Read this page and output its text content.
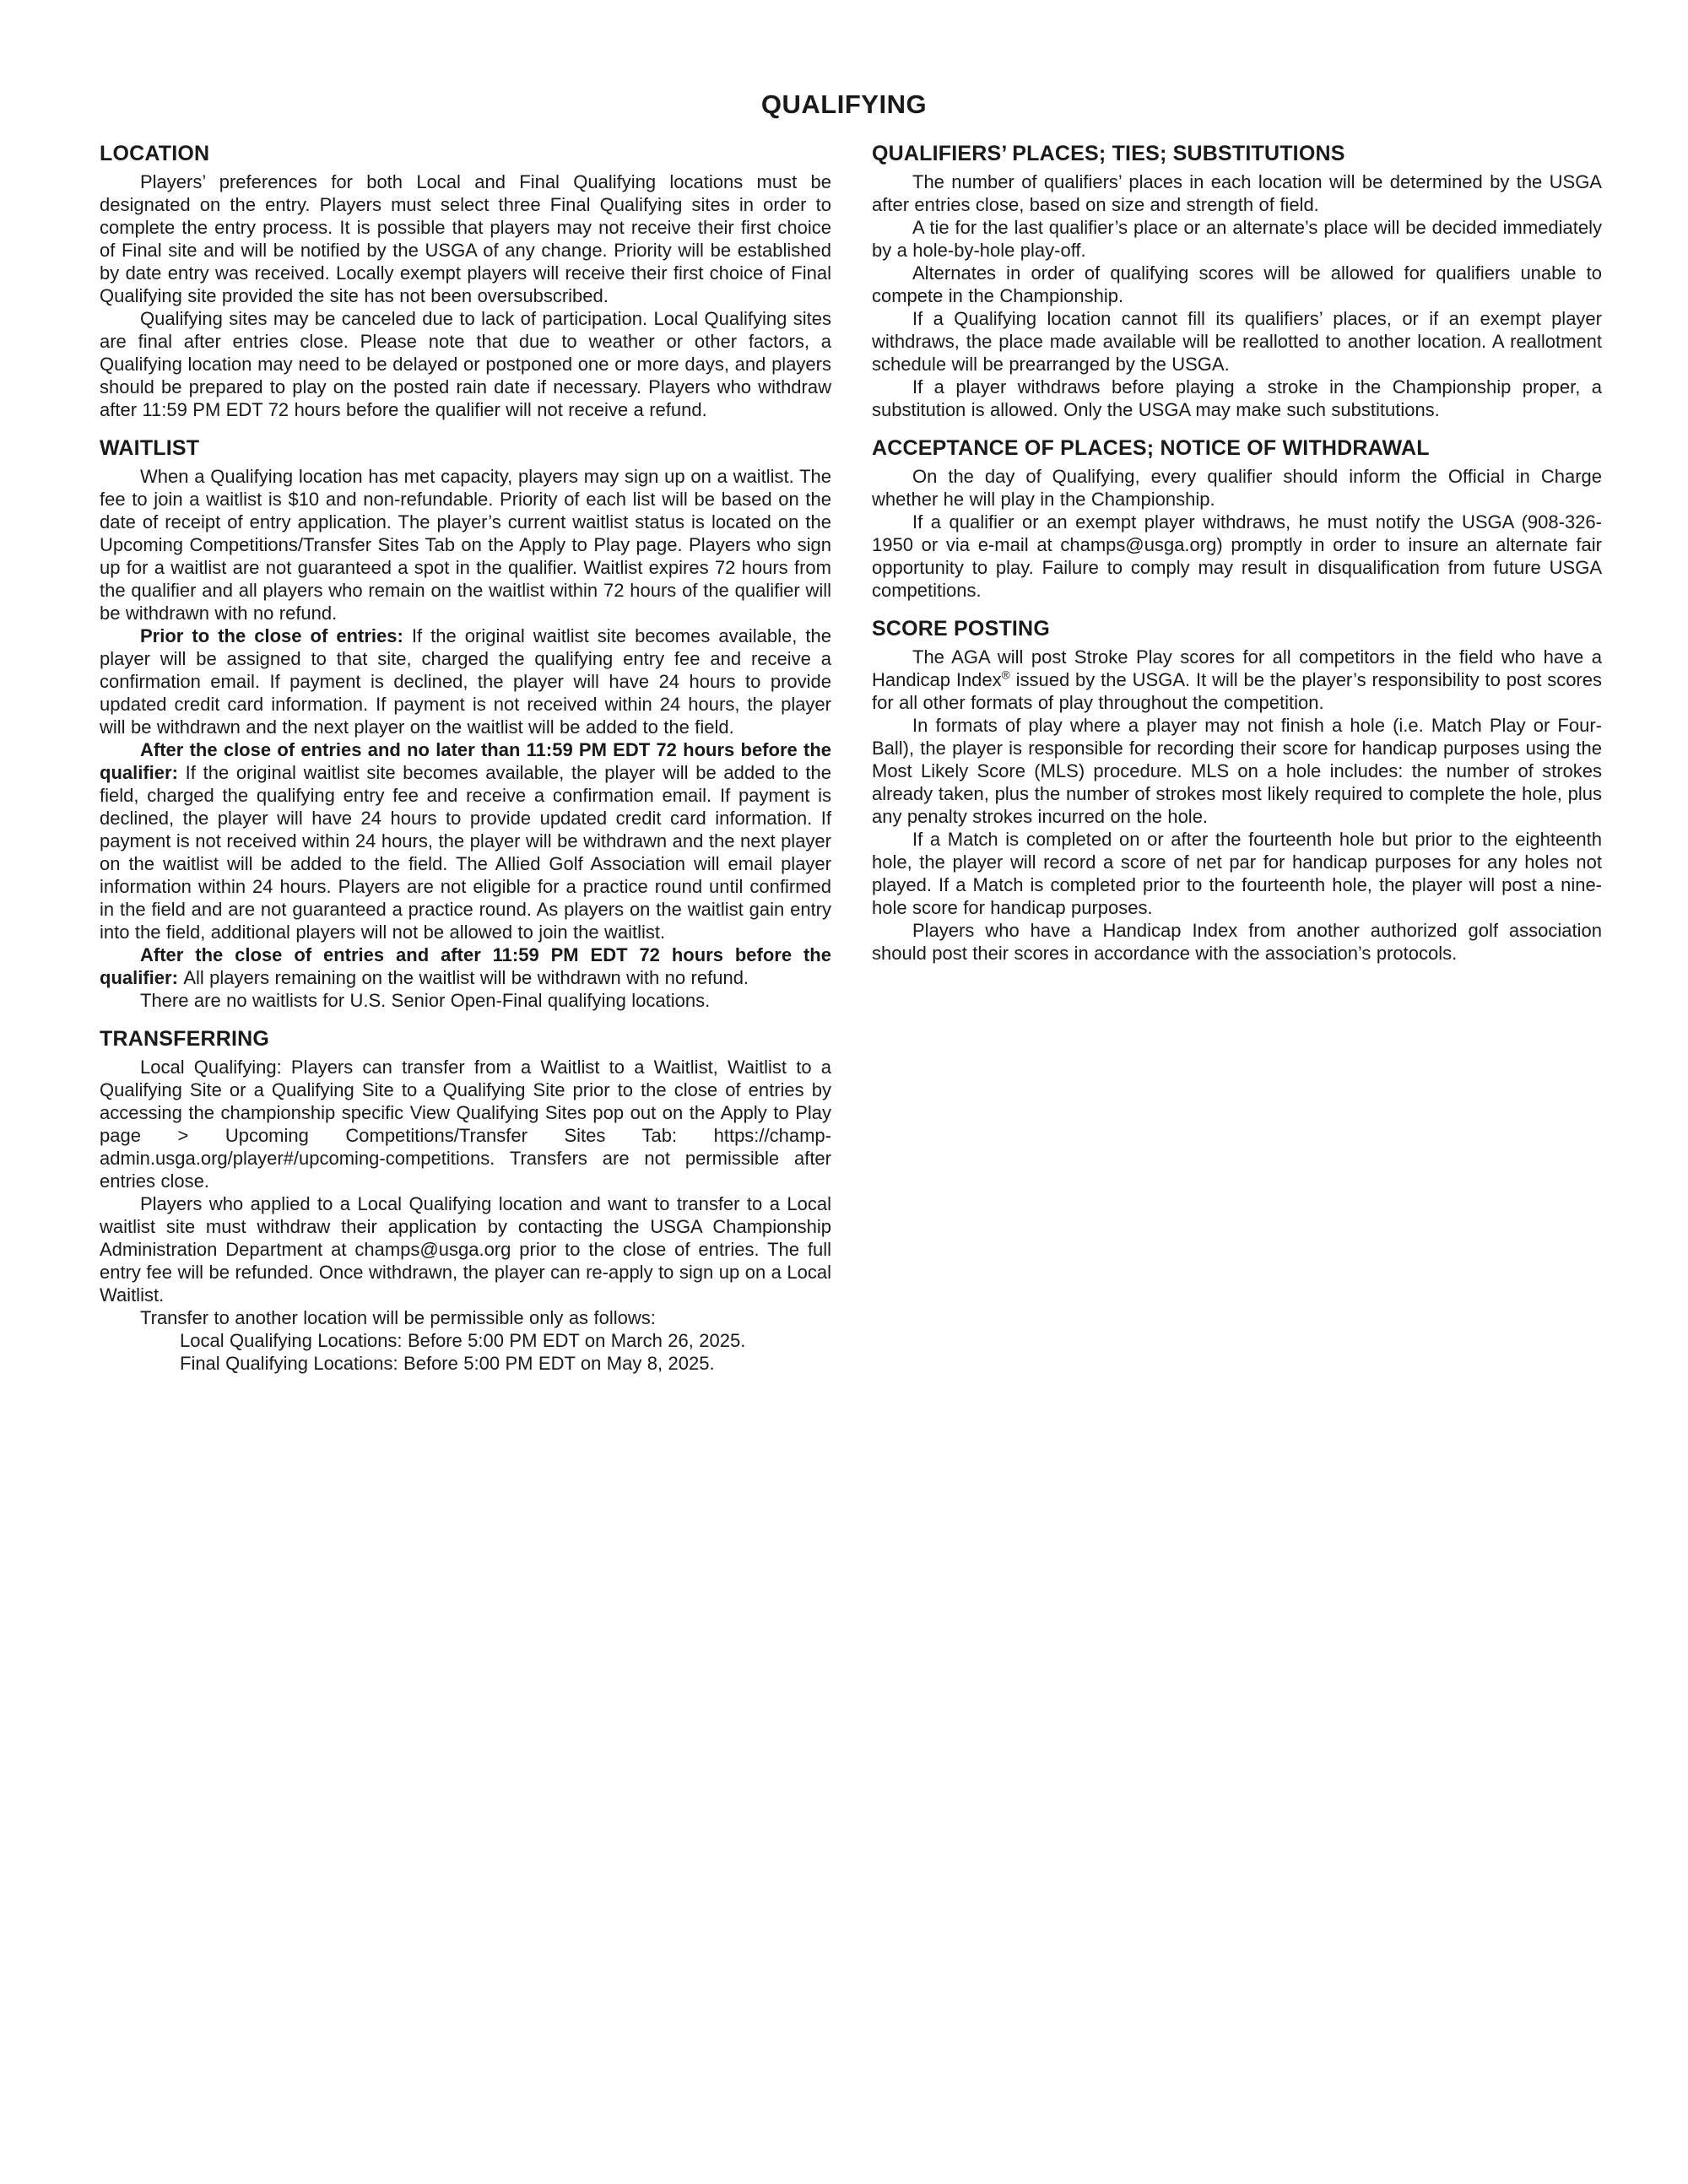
QUALIFYING
LOCATION

Players’ preferences for both Local and Final Qualifying locations must be designated on the entry. Players must select three Final Qualifying sites in order to complete the entry process. It is possible that players may not receive their first choice of Final site and will be notified by the USGA of any change. Priority will be established by date entry was received. Locally exempt players will receive their first choice of Final Qualifying site provided the site has not been oversubscribed.

Qualifying sites may be canceled due to lack of participation. Local Qualifying sites are final after entries close. Please note that due to weather or other factors, a Qualifying location may need to be delayed or postponed one or more days, and players should be prepared to play on the posted rain date if necessary. Players who withdraw after 11:59 PM EDT 72 hours before the qualifier will not receive a refund.

WAITLIST

When a Qualifying location has met capacity, players may sign up on a waitlist. The fee to join a waitlist is $10 and non-refundable. Priority of each list will be based on the date of receipt of entry application. The player’s current waitlist status is located on the Upcoming Competitions/Transfer Sites Tab on the Apply to Play page. Players who sign up for a waitlist are not guaranteed a spot in the qualifier. Waitlist expires 72 hours from the qualifier and all players who remain on the waitlist within 72 hours of the qualifier will be withdrawn with no refund.

Prior to the close of entries: If the original waitlist site becomes available, the player will be assigned to that site, charged the qualifying entry fee and receive a confirmation email. If payment is declined, the player will have 24 hours to provide updated credit card information. If payment is not received within 24 hours, the player will be withdrawn and the next player on the waitlist will be added to the field.

After the close of entries and no later than 11:59 PM EDT 72 hours before the qualifier: If the original waitlist site becomes available, the player will be added to the field, charged the qualifying entry fee and receive a confirmation email. If payment is declined, the player will have 24 hours to provide updated credit card information. If payment is not received within 24 hours, the player will be withdrawn and the next player on the waitlist will be added to the field. The Allied Golf Association will email player information within 24 hours. Players are not eligible for a practice round until confirmed in the field and are not guaranteed a practice round. As players on the waitlist gain entry into the field, additional players will not be allowed to join the waitlist.

After the close of entries and after 11:59 PM EDT 72 hours before the qualifier: All players remaining on the waitlist will be withdrawn with no refund.

There are no waitlists for U.S. Senior Open-Final qualifying locations.

TRANSFERRING

Local Qualifying: Players can transfer from a Waitlist to a Waitlist, Waitlist to a Qualifying Site or a Qualifying Site to a Qualifying Site prior to the close of entries by accessing the championship specific View Qualifying Sites pop out on the Apply to Play page > Upcoming Competitions/Transfer Sites Tab: https://champ-admin.usga.org/player#/upcoming-competitions. Transfers are not permissible after entries close.

Players who applied to a Local Qualifying location and want to transfer to a Local waitlist site must withdraw their application by contacting the USGA Championship Administration Department at champs@usga.org prior to the close of entries. The full entry fee will be refunded. Once withdrawn, the player can re-apply to sign up on a Local Waitlist.

Transfer to another location will be permissible only as follows:

Local Qualifying Locations: Before 5:00 PM EDT on March 26, 2025.

Final Qualifying Locations: Before 5:00 PM EDT on May 8, 2025.

QUALIFIERS’ PLACES; TIES; SUBSTITUTIONS

The number of qualifiers’ places in each location will be determined by the USGA after entries close, based on size and strength of field.

A tie for the last qualifier’s place or an alternate’s place will be decided immediately by a hole-by-hole play-off.

Alternates in order of qualifying scores will be allowed for qualifiers unable to compete in the Championship.

If a Qualifying location cannot fill its qualifiers’ places, or if an exempt player withdraws, the place made available will be reallotted to another location. A reallotment schedule will be prearranged by the USGA.

If a player withdraws before playing a stroke in the Championship proper, a substitution is allowed. Only the USGA may make such substitutions.

ACCEPTANCE OF PLACES; NOTICE OF WITHDRAWAL

On the day of Qualifying, every qualifier should inform the Official in Charge whether he will play in the Championship.

If a qualifier or an exempt player withdraws, he must notify the USGA (908-326-1950 or via e-mail at champs@usga.org) promptly in order to insure an alternate fair opportunity to play. Failure to comply may result in disqualification from future USGA competitions.

SCORE POSTING

The AGA will post Stroke Play scores for all competitors in the field who have a Handicap Index® issued by the USGA. It will be the player’s responsibility to post scores for all other formats of play throughout the competition.

In formats of play where a player may not finish a hole (i.e. Match Play or Four-Ball), the player is responsible for recording their score for handicap purposes using the Most Likely Score (MLS) procedure. MLS on a hole includes: the number of strokes already taken, plus the number of strokes most likely required to complete the hole, plus any penalty strokes incurred on the hole.

If a Match is completed on or after the fourteenth hole but prior to the eighteenth hole, the player will record a score of net par for handicap purposes for any holes not played. If a Match is completed prior to the fourteenth hole, the player will post a nine-hole score for handicap purposes.

Players who have a Handicap Index from another authorized golf association should post their scores in accordance with the association’s protocols.
